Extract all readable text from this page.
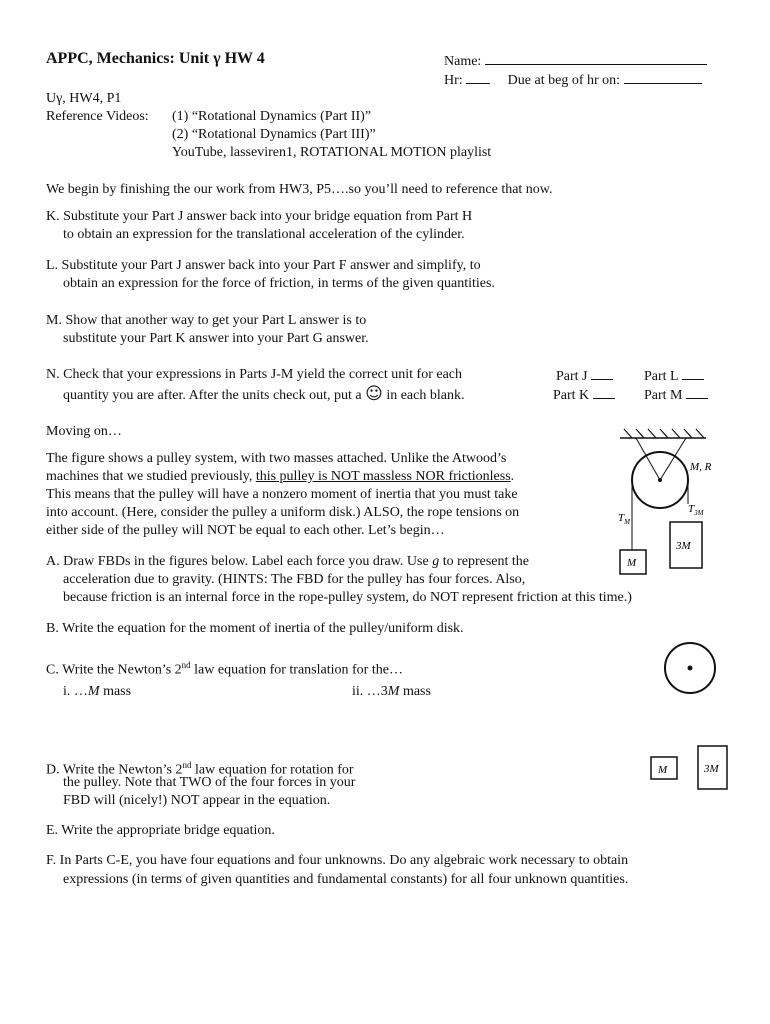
APPC, Mechanics: Unit γ HW 4	Name:
Hr:	Due at beg of hr on:
Uγ, HW4, P1
Reference Videos: (1) “Rotational Dynamics (Part II)”
(2) “Rotational Dynamics (Part III)”
YouTube, lasseviren1, ROTATIONAL MOTION playlist
We begin by finishing the our work from HW3, P5….so you’ll need to reference that now.
K. Substitute your Part J answer back into your bridge equation from Part H
to obtain an expression for the translational acceleration of the cylinder.
L. Substitute your Part J answer back into your Part F answer and simplify, to
obtain an expression for the force of friction, in terms of the given quantities.
M. Show that another way to get your Part L answer is to
substitute your Part K answer into your Part G answer.
N. Check that your expressions in Parts J-M yield the correct unit for each
quantity you are after. After the units check out, put a ☺ in each blank.
Part J	Part L
Part K	Part M
Moving on…
The figure shows a pulley system, with two masses attached. Unlike the Atwood’s
machines that we studied previously, this pulley is NOT massless NOR frictionless.
This means that the pulley will have a nonzero moment of inertia that you must take
into account. (Here, consider the pulley a uniform disk.) ALSO, the rope tensions on
either side of the pulley will NOT be equal to each other. Let’s begin…
M, R
$T_{3M}$
$T_M$
M
3M
A. Draw FBDs in the figures below. Label each force you draw. Use g to represent the
acceleration due to gravity. (HINTS: The FBD for the pulley has four forces. Also,
because friction is an internal force in the rope-pulley system, do NOT represent friction at this time.)
B. Write the equation for the moment of inertia of the pulley/uniform disk.
C. Write the Newton’s 2nd law equation for translation for the…
i. …M mass	ii. …3M mass
D. Write the Newton’s 2nd law equation for rotation for
the pulley. Note that TWO of the four forces in your
FBD will (nicely!) NOT appear in the equation.
M	3M
E. Write the appropriate bridge equation.
F. In Parts C-E, you have four equations and four unknowns. Do any algebraic work necessary to obtain
expressions (in terms of given quantities and fundamental constants) for all four unknown quantities.
